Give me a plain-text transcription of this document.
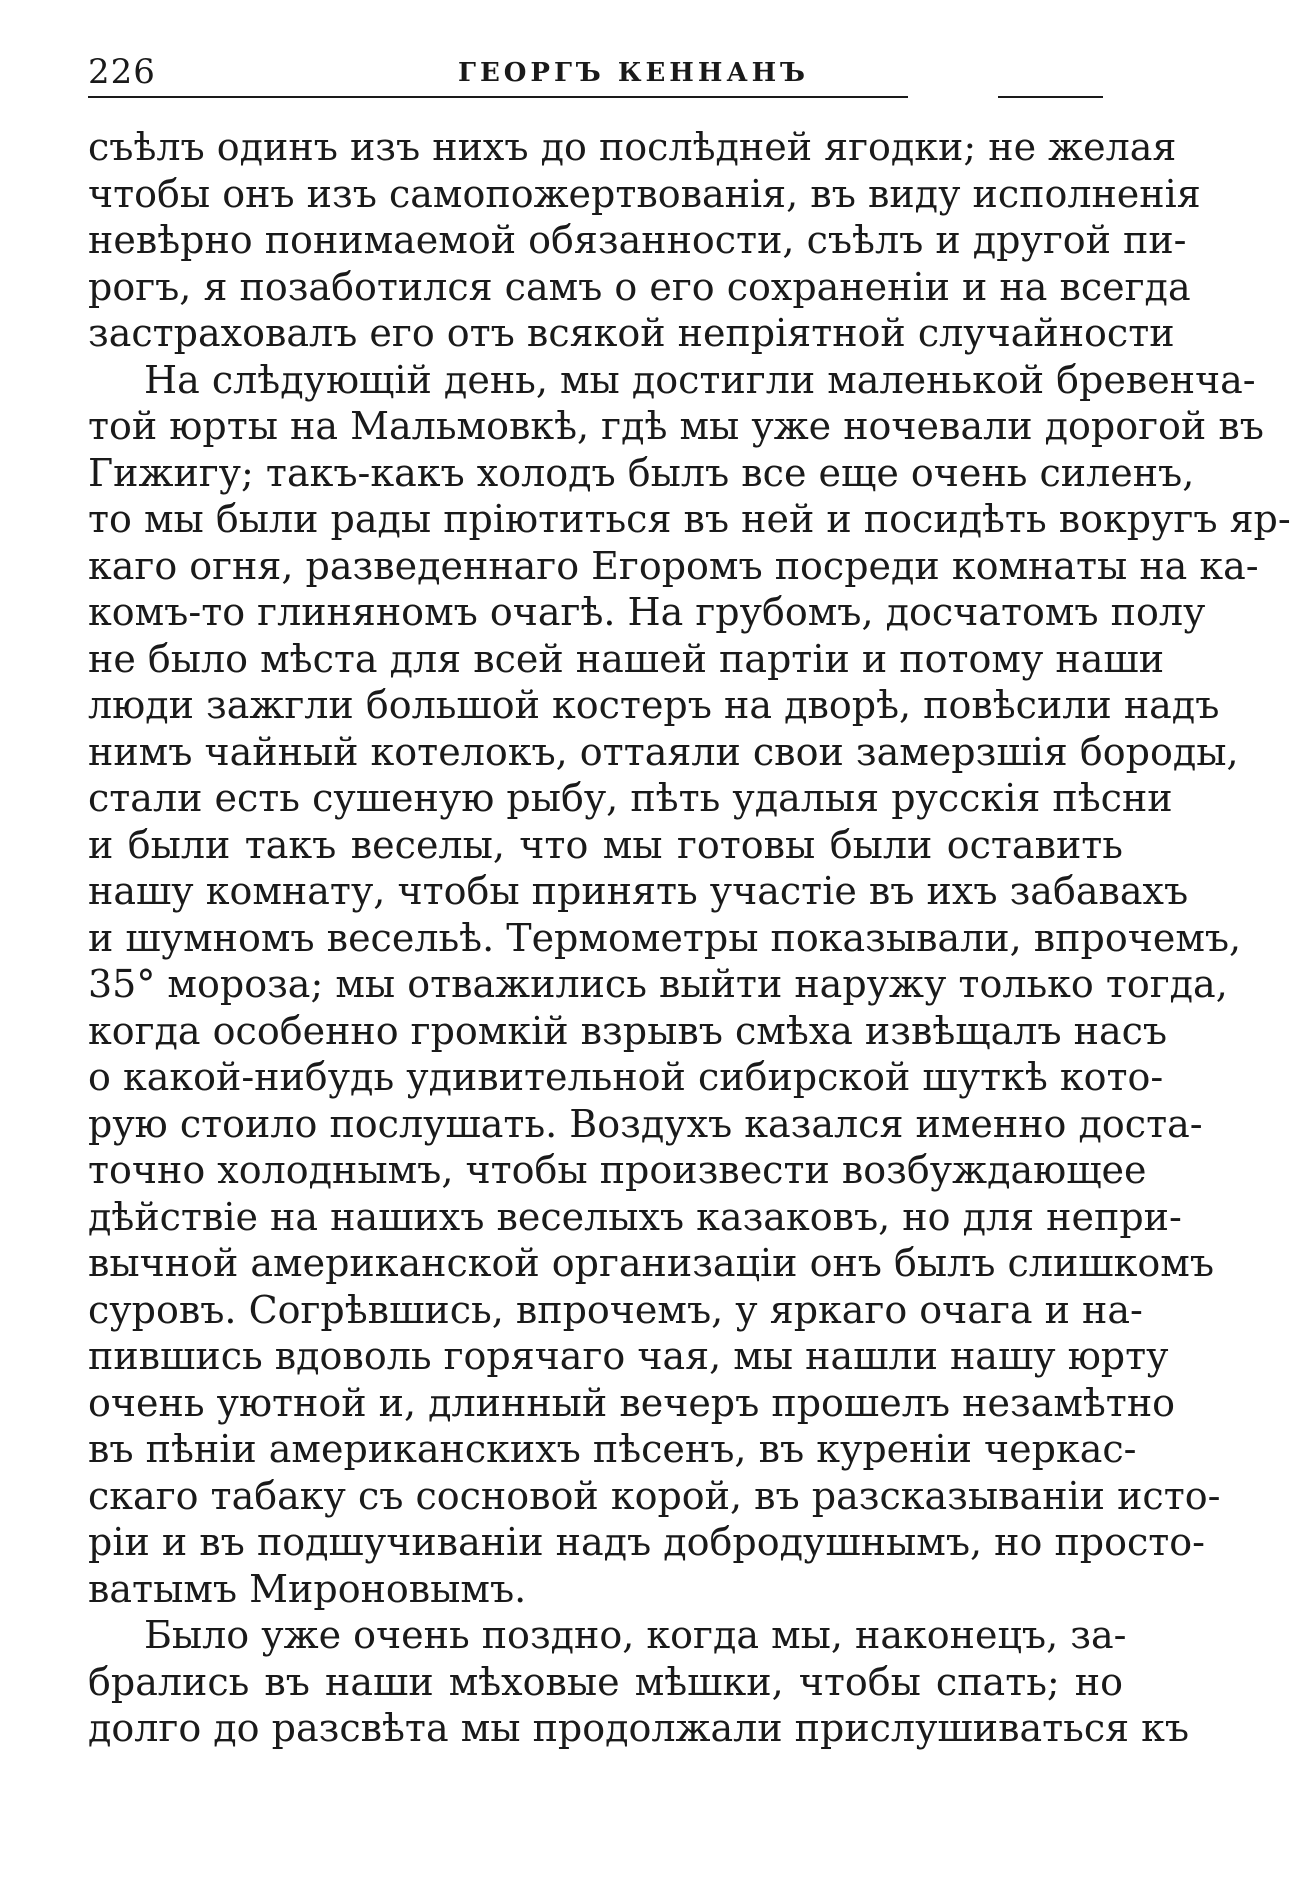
226	ГЕОРГЪ КЕННАНЪ
съѣлъ одинъ изъ нихъ до послѣдней ягодки; не желая
чтобы онъ изъ самопожертвованія, въ виду исполненія
невѣрно понимаемой обязанности, съѣлъ и другой пи-
рогъ, я позаботился самъ о его сохраненіи и на всегда
застраховалъ его отъ всякой непріятной случайности
На слѣдующій день, мы достигли маленькой бревенча-
той юрты на Мальмовкѣ, гдѣ мы уже ночевали дорогой въ
Гижигу; такъ-какъ холодъ былъ все еще очень силенъ,
то мы были рады пріютиться въ ней и посидѣть вокругъ яр-
каго огня, разведеннаго Егоромъ посреди комнаты на ка-
комъ-то глиняномъ очагѣ. На грубомъ, досчатомъ полу
не было мѣста для всей нашей партіи и потому наши
люди зажгли большой костеръ на дворѣ, повѣсили надъ
нимъ чайный котелокъ, оттаяли свои замерзшія бороды,
стали есть сушеную рыбу, пѣть удалыя русскія пѣсни
и были такъ веселы, что мы готовы были оставить
нашу комнату, чтобы принять участіе въ ихъ забавахъ
и шумномъ весельѣ. Термометры показывали, впрочемъ,
35° мороза; мы отважились выйти наружу только тогда,
когда особенно громкій взрывъ смѣха извѣщалъ насъ
о какой-нибудь удивительной сибирской шуткѣ кото-
рую стоило послушать. Воздухъ казался именно доста-
точно холоднымъ, чтобы произвести возбуждающее
дѣйствіе на нашихъ веселыхъ казаковъ, но для непри-
вычной американской организаціи онъ былъ слишкомъ
суровъ. Согрѣвшись, впрочемъ, у яркаго очага и на-
пившись вдоволь горячаго чая, мы нашли нашу юрту
очень уютной и, длинный вечеръ прошелъ незамѣтно
въ пѣніи американскихъ пѣсенъ, въ куреніи черкас-
скаго табаку съ сосновой корой, въ разсказываніи исто-
ріи и въ подшучиваніи надъ добродушнымъ, но просто-
ватымъ Мироновымъ.
Было уже очень поздно, когда мы, наконецъ, за-
брались въ наши мѣховые мѣшки, чтобы спать; но
долго до разсвѣта мы продолжали прислушиваться къ
